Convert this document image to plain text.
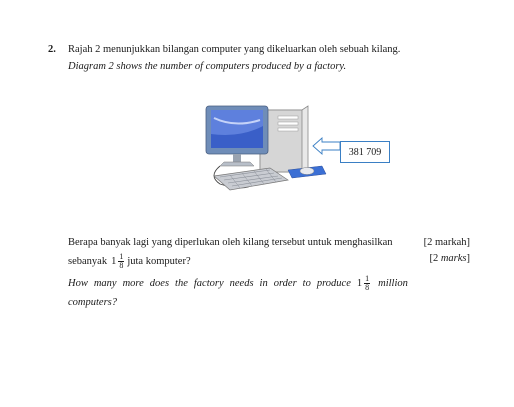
2. Rajah 2 menunjukkan bilangan computer yang dikeluarkan oleh sebuah kilang.
Diagram 2 shows the number of computers produced by a factory.
381 709
Berapa banyak lagi yang diperlukan oleh kilang tersebut untuk menghasilkan
sebanyak $1 \frac{1}{8}$ juta komputer?
How many more does the factory needs in order to produce $1 \frac{1}{8}$ million
computers?
[2 markah]
[2 marks]
